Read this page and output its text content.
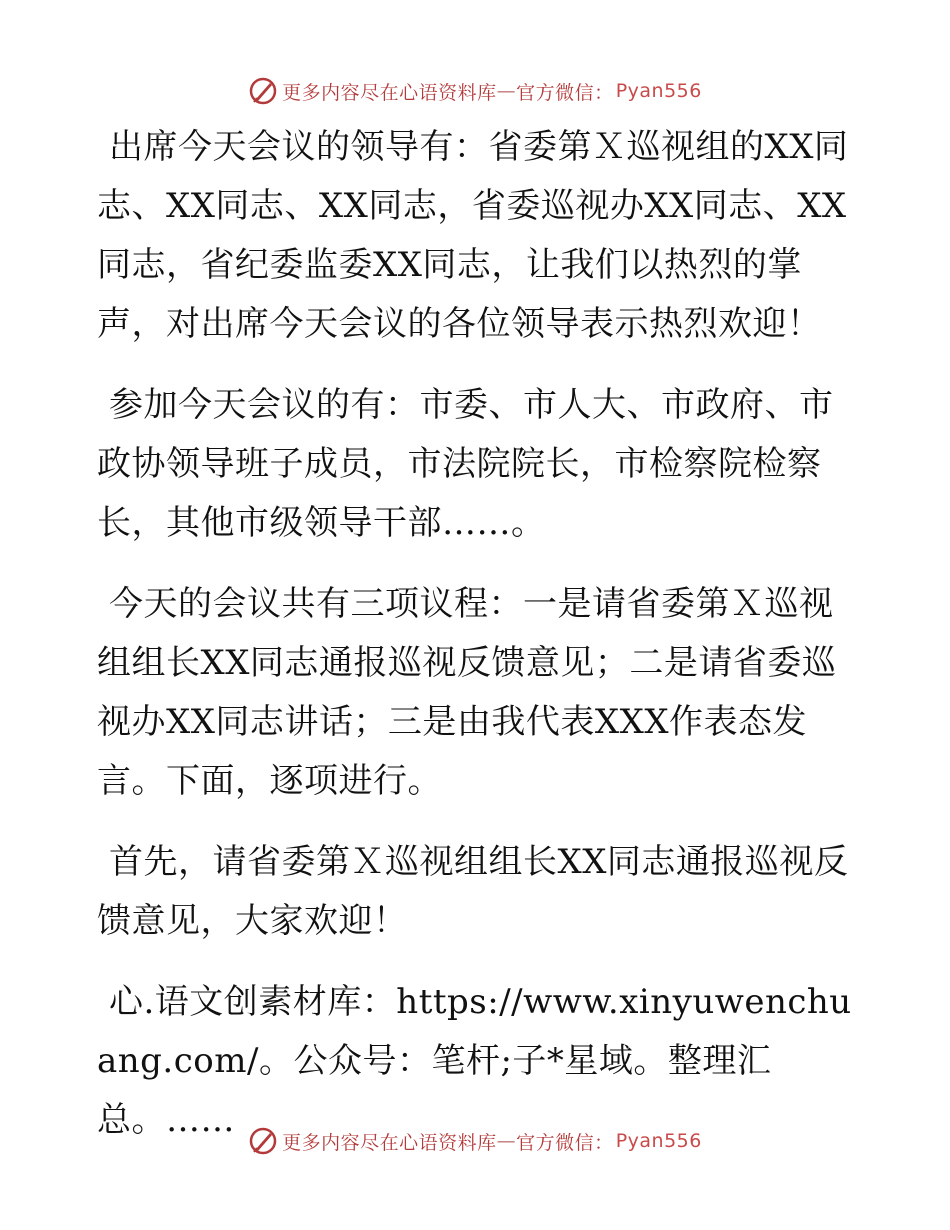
更多内容尽在心语资料库 — 官方微信： Pyan556

出席今天会议的领导有：省委第Ｘ巡视组的XX同志、XX同志、XX同志，省委巡视办XX同志、XX同志，省纪委监委XX同志，让我们以热烈的掌声，对出席今天会议的各位领导表示热烈欢迎！

参加今天会议的有：市委、市人大、市政府、市政协领导班子成员，市法院院长，市检察院检察长，其他市级领导干部……。

今天的会议共有三项议程：一是请省委第Ｘ巡视组组长XX同志通报巡视反馈意见；二是请省委巡视办XX同志讲话；三是由我代表XXX作表态发言。下面，逐项进行。

首先，请省委第Ｘ巡视组组长XX同志通报巡视反馈意见，大家欢迎！

心.语文创素材库：https://www.xinyuwenchuang.com/。公众号：笔杆;子*星域。整理汇总。……

更多内容尽在心语资料库 — 官方微信： Pyan556
